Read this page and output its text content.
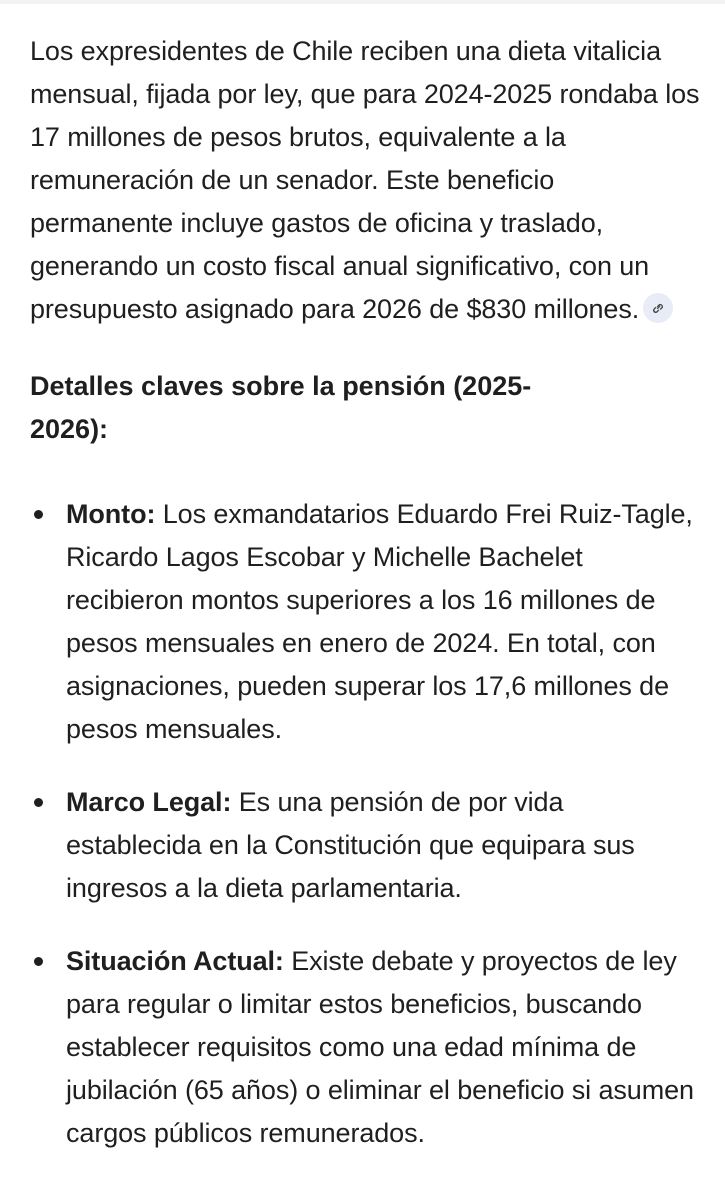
Los expresidentes de Chile reciben una dieta vitalicia mensual, fijada por ley, que para 2024-2025 rondaba los 17 millones de pesos brutos, equivalente a la remuneración de un senador. Este beneficio permanente incluye gastos de oficina y traslado, generando un costo fiscal anual significativo, con un presupuesto asignado para 2026 de $830 millones.

Detalles claves sobre la pensión (2025-2026):
Monto: Los exmandatarios Eduardo Frei Ruiz-Tagle, Ricardo Lagos Escobar y Michelle Bachelet recibieron montos superiores a los 16 millones de pesos mensuales en enero de 2024. En total, con asignaciones, pueden superar los 17,6 millones de pesos mensuales.
Marco Legal: Es una pensión de por vida establecida en la Constitución que equipara sus ingresos a la dieta parlamentaria.
Situación Actual: Existe debate y proyectos de ley para regular o limitar estos beneficios, buscando establecer requisitos como una edad mínima de jubilación (65 años) o eliminar el beneficio si asumen cargos públicos remunerados.
